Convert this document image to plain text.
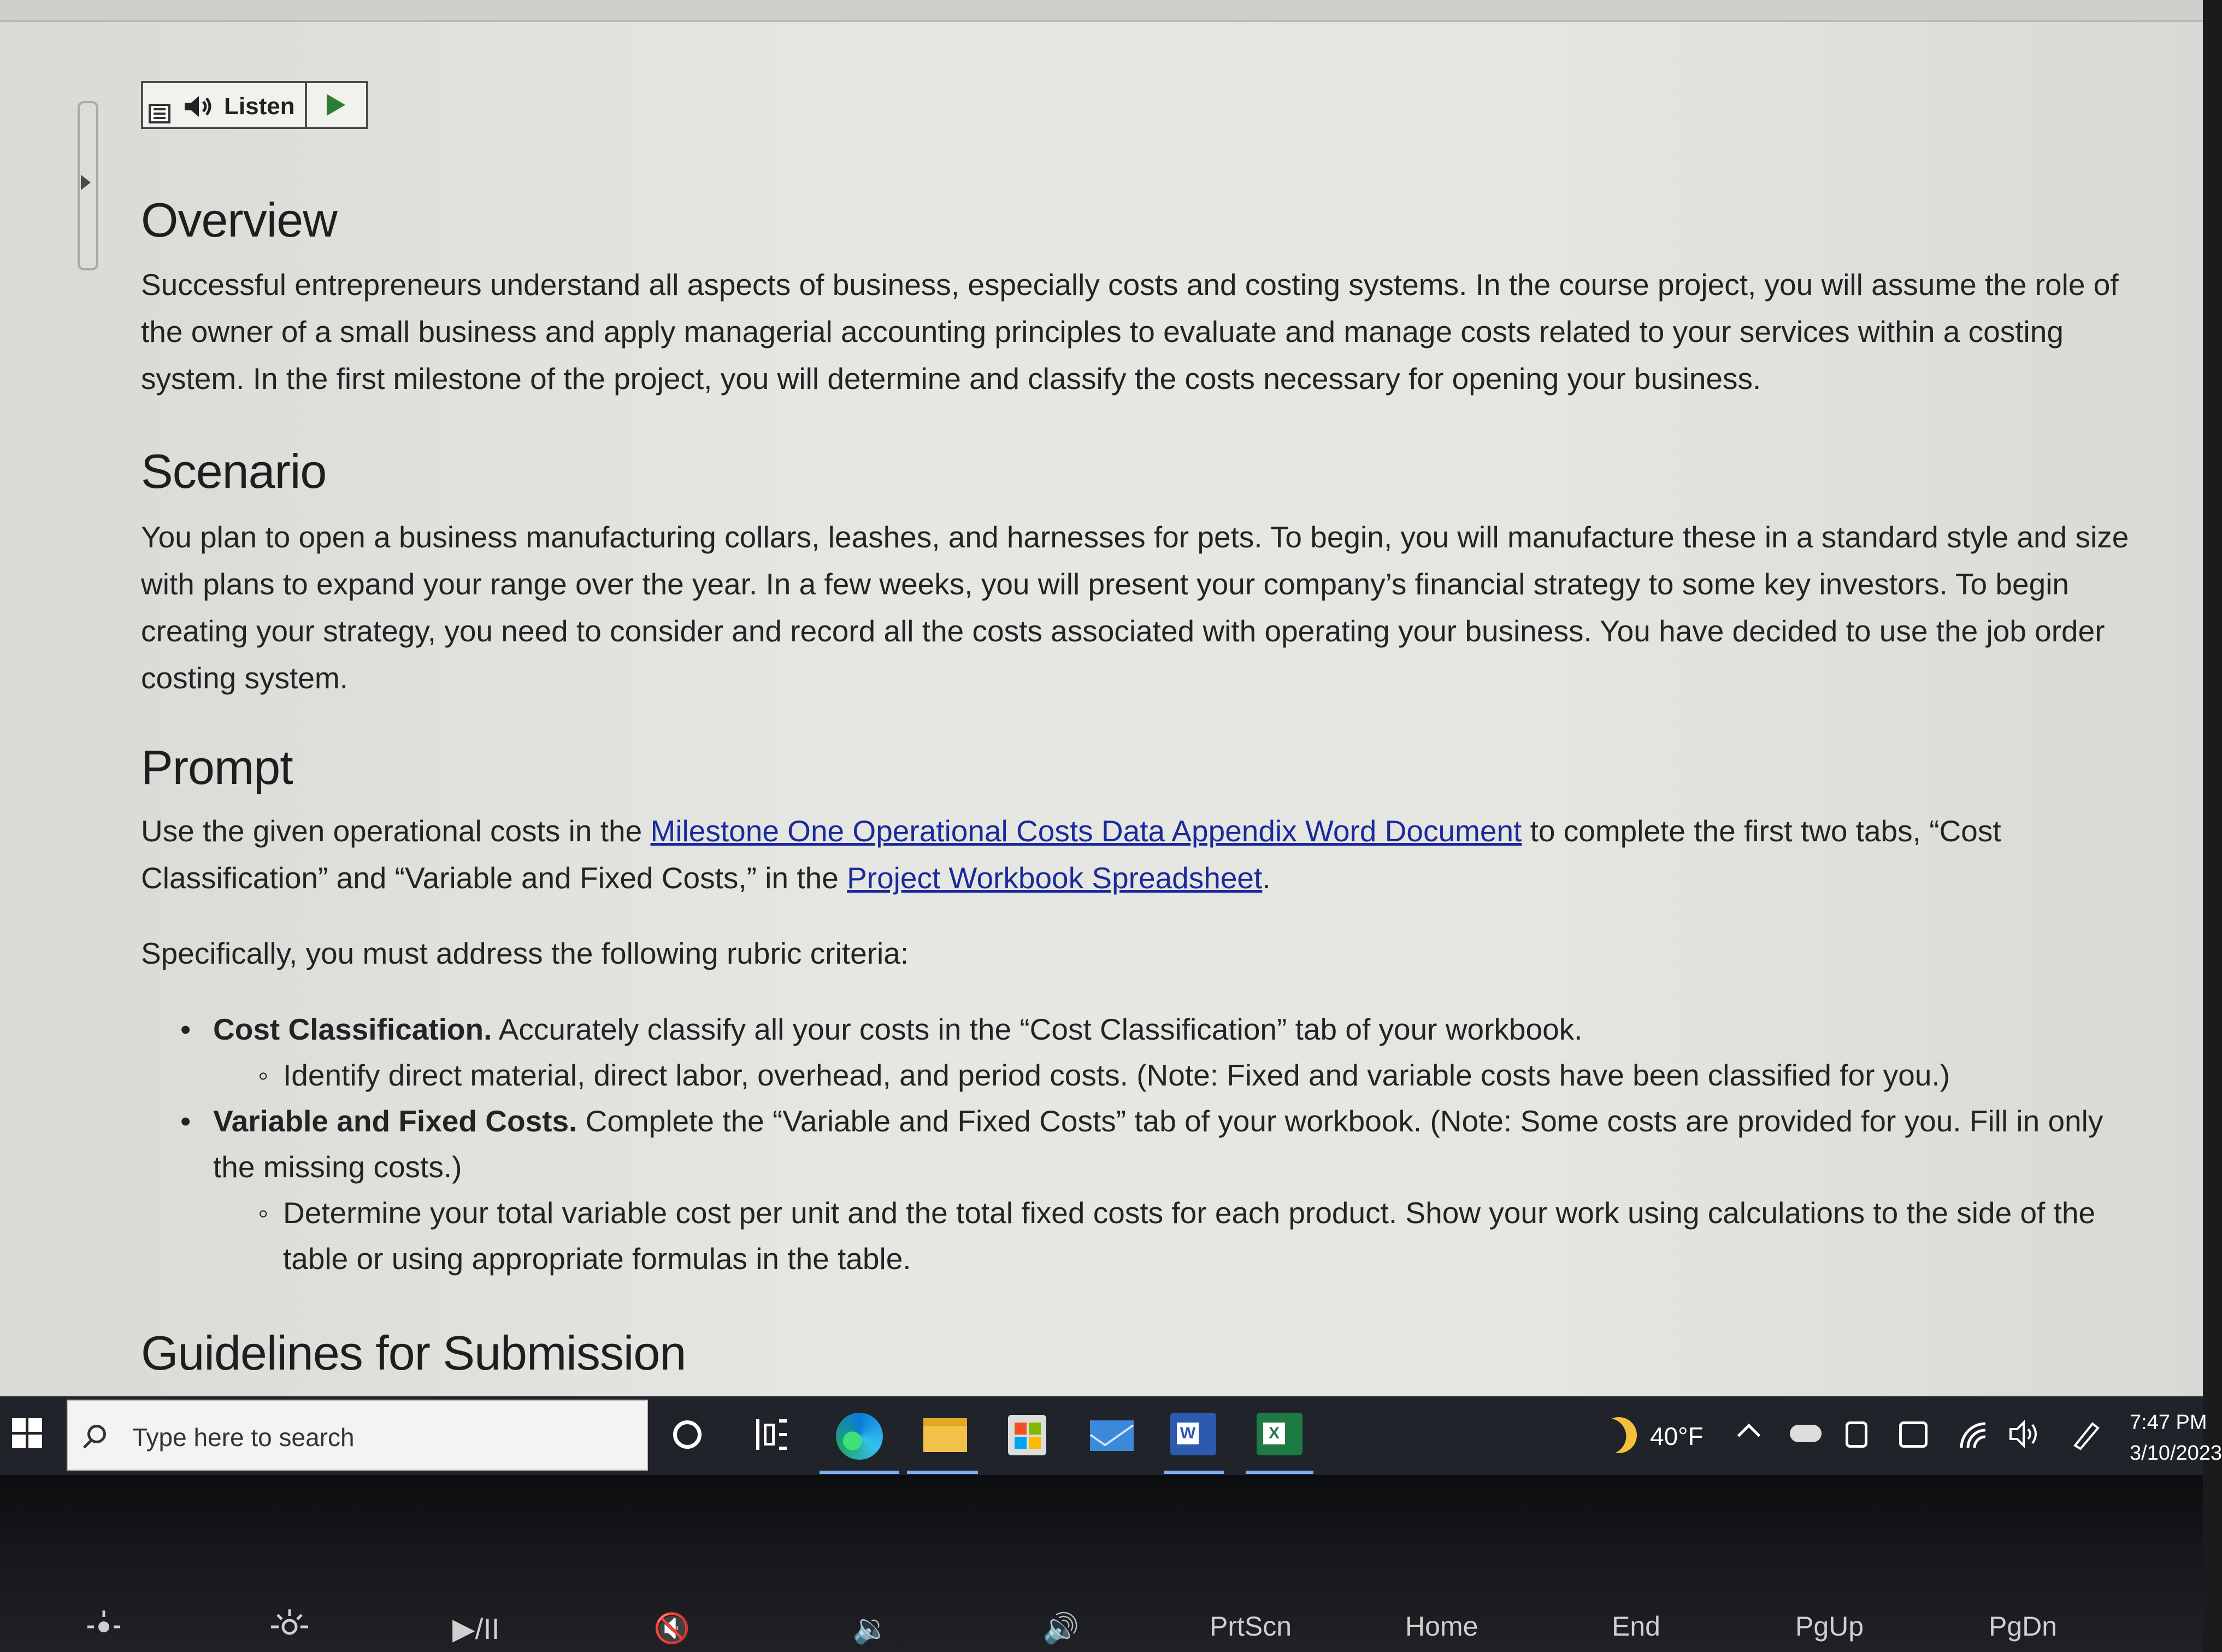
Listen
Overview

Successful entrepreneurs understand all aspects of business, especially costs and costing systems. In the course project, you will assume the role of the owner of a small business and apply managerial accounting principles to evaluate and manage costs related to your services within a costing system. In the first milestone of the project, you will determine and classify the costs necessary for opening your business.

Scenario

You plan to open a business manufacturing collars, leashes, and harnesses for pets. To begin, you will manufacture these in a standard style and size with plans to expand your range over the year. In a few weeks, you will present your company’s financial strategy to some key investors. To begin creating your strategy, you need to consider and record all the costs associated with operating your business. You have decided to use the job order costing system.

Prompt

Use the given operational costs in the Milestone One Operational Costs Data Appendix Word Document to complete the first two tabs, “Cost Classification” and “Variable and Fixed Costs,” in the Project Workbook Spreadsheet.

Specifically, you must address the following rubric criteria:

• Cost Classification. Accurately classify all your costs in the “Cost Classification” tab of your workbook.
◦ Identify direct material, direct labor, overhead, and period costs. (Note: Fixed and variable costs have been classified for you.)
• Variable and Fixed Costs. Complete the “Variable and Fixed Costs” tab of your workbook. (Note: Some costs are provided for you. Fill in only the missing costs.)
◦ Determine your total variable cost per unit and the total fixed costs for each product. Show your work using calculations to the side of the table or using appropriate formulas in the table.
Guidelines for Submission
Type here to search	W	X	40°F	7:47 PM
3/10/2023
▶/II	🔇	🔉	🔊	PrtScn	Home	End	PgUp	PgDn
